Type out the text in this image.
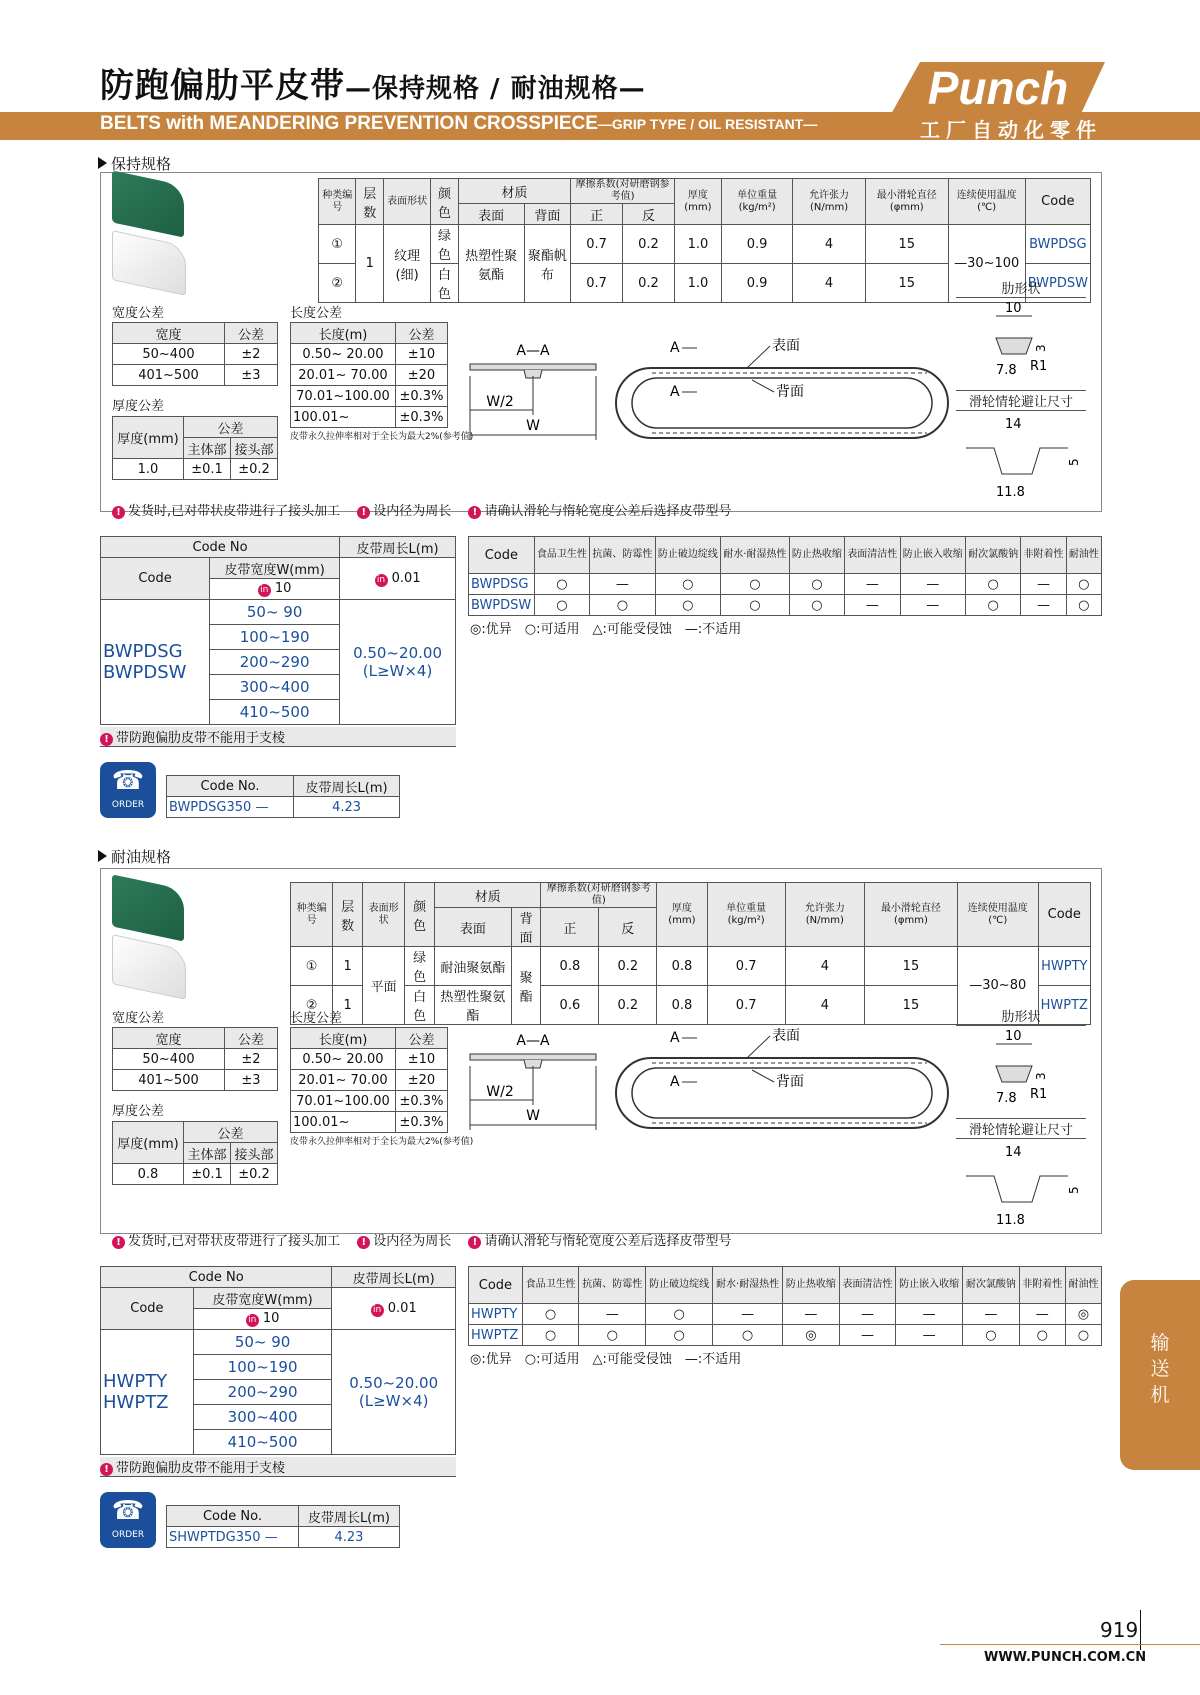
防跑偏肋平皮带—保持规格 / 耐油规格—
BELTS with MEANDERING PREVENTION CROSSPIECE—GRIP TYPE / OIL RESISTANT—
Punch
工厂自动化零件
保持规格
种类编号	层数	表面形状	颜色	材质		摩擦系数(对研磨钢参考值)		厚度(mm)	单位重量(kg/m²)	允许张力(N/mm)	最小滑轮直径(φmm)	连续使用温度(℃)	Code
				表面	背面	正	反						
①	1	纹理(细)	绿色	热塑性聚氨酯	聚酯帆布	0.7	0.2	1.0	0.9	4	15	—30~100	BWPDSG
②			白色			0.7	0.2	1.0	0.9	4	15		BWPDSW
宽度公差
宽度	公差
50~400	±2
401~500	±3
厚度公差
厚度(mm)	公差	
	主体部	接头部
1.0	±0.1	±0.2
长度公差
长度(m)	公差
0.50~ 20.00	±10
20.01~ 70.00	±20
70.01~100.00	±0.3%
100.01~	±0.3%
皮带永久拉伸率相对于全长为最大2%(参考值)
A—A
W/2
W
A
A
表面
背面
肋形状
10
3
7.8 R1
滑轮情轮避让尺寸
14
5
11.8
! 发货时,已对带状皮带进行了接头加工　 ! 设内径为周长　 ! 请确认滑轮与惰轮宽度公差后选择皮带型号
Code No		皮带周长L(m)
Code	皮带宽度W(mm)	in 0.01
	in 10	
BWPDSG
BWPDSW	50~ 90	0.50~20.00
(L≥W×4)
	100~190	
	200~290	
	300~400	
	410~500	
! 带防跑偏肋皮带不能用于支棱
Code	食品卫生性	抗菌、防霉性	防止破边绽线	耐水·耐湿热性	防止热收缩	表面清洁性	防止嵌入收缩	耐次氯酸钠	非附着性	耐油性
BWPDSG	○	—	○	○	○	—	—	○	—	○
BWPDSW	○	○	○	○	○	—	—	○	—	○
◎:优异　○:可适用　△:可能受侵蚀　—:不适用
☎
ORDER
Code No.	皮带周长L(m)
BWPDSG350 —	4.23
耐油规格
种类编号	层数	表面形状	颜色	材质		摩擦系数(对研磨钢参考值)		厚度(mm)	单位重量(kg/m²)	允许张力(N/mm)	最小滑轮直径(φmm)	连续使用温度(℃)	Code
				表面	背面	正	反						
①	1	平面	绿色	耐油聚氨酯	聚酯	0.8	0.2	0.8	0.7	4	15	—30~80	HWPTY
②	1		白色	热塑性聚氨酯		0.6	0.2	0.8	0.7	4	15		HWPTZ
宽度公差
宽度	公差
50~400	±2
401~500	±3
厚度公差
厚度(mm)	公差	
	主体部	接头部
0.8	±0.1	±0.2
长度公差
长度(m)	公差
0.50~ 20.00	±10
20.01~ 70.00	±20
70.01~100.00	±0.3%
100.01~	±0.3%
皮带永久拉伸率相对于全长为最大2%(参考值)
A—A
W/2
W
A
A
表面
背面
肋形状
10
3
7.8 R1
滑轮情轮避让尺寸
14
5
11.8
! 发货时,已对带状皮带进行了接头加工　 ! 设内径为周长　 ! 请确认滑轮与惰轮宽度公差后选择皮带型号
Code No		皮带周长L(m)
Code	皮带宽度W(mm)	in 0.01
	in 10	
HWPTY
HWPTZ	50~ 90	0.50~20.00
(L≥W×4)
	100~190	
	200~290	
	300~400	
	410~500	
! 带防跑偏肋皮带不能用于支棱
Code	食品卫生性	抗菌、防霉性	防止破边绽线	耐水·耐湿热性	防止热收缩	表面清洁性	防止嵌入收缩	耐次氯酸钠	非附着性	耐油性
HWPTY	○	—	○	—	—	—	—	—	—	◎
HWPTZ	○	○	○	○	◎	—	—	○	○	○
◎:优异　○:可适用　△:可能受侵蚀　—:不适用
☎
ORDER
Code No.	皮带周长L(m)
SHWPTDG350 —	4.23
输
送
机
919
WWW.PUNCH.COM.CN
